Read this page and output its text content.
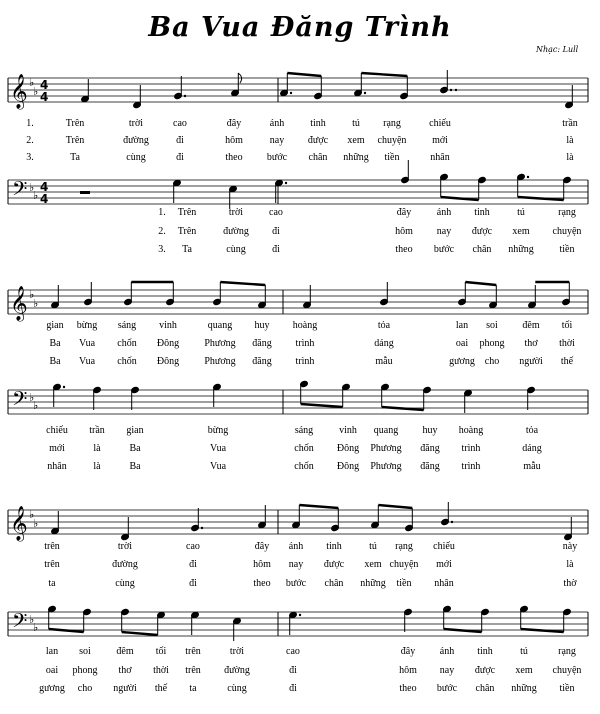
Ba Vua Đăng Trình
Nhạc: Lull
𝄞
𝄢
♭
♭
♭
♭
4
4
4
4
𝄞
𝄢
♭
♭
♭
♭
𝄞
𝄢
♭
♭
♭
♭
1.	Trên	trời	cao	đây	ánh	tinh	tú rạng	chiếu	trần
2.	Trên	đường	đi	hôm	nay được xem chuyện	mới	là
3.	Ta	cùng	đi	theo bước chân những tiền	nhân	là
1. Trên	trời	cao	đây	ánh tinh	tú	rạng
2. Trên	đường đi	hôm nay được xem chuyện
3. Ta	cùng	đi	theo bước chân những	tiền
gian bừng sáng vinh	quang huy hoàng	tỏa	lan soi đêm tối
Ba Vua chốn Đông	Phương đăng trình	dáng	oai phong thơ thời
Ba Vua chốn Đông	Phương đăng trình	mẫu	gương cho người thế
chiếu trần gian	bừng	sáng	vinh quang huy hoàng	tỏa
mới	là	Ba	Vua	chốn Đông Phương đăng trình	dáng
nhân	là	Ba	Vua	chốn Đông Phương đăng trình	mẫu
trên	trời	cao	đây ánh tinh	tú rạng chiếu	này
trên	đường	đi	hôm nay được xem chuyện mới	là
ta	cùng	đi	theo bước chân những tiền nhân	thờ
lan soi	đêm tối trên	trời	cao	đây ánh tinh	tú	rạng
oai phong thơ thời trên đường	đi	hôm nay được xem chuyện
gương cho người thế ta	cùng	đi	theo bước chân những tiền
